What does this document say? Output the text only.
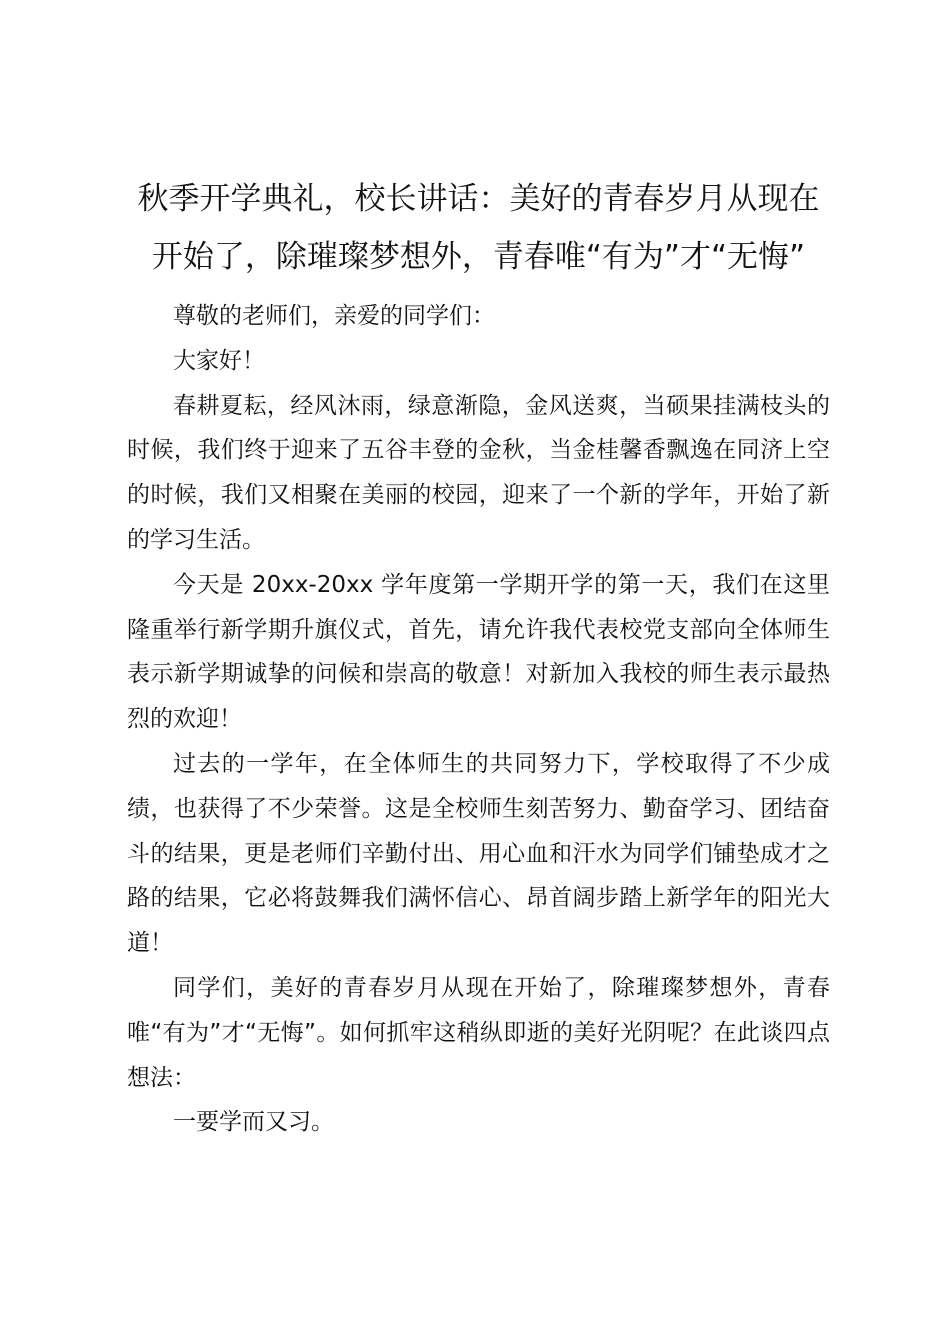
秋季开学典礼，校长讲话：美好的青春岁月从现在开始了，除璀璨梦想外，青春唯“有为”才“无悔”

尊敬的老师们，亲爱的同学们：

大家好！

春耕夏耘，经风沐雨，绿意渐隐，金风送爽，当硕果挂满枝头的时候，我们终于迎来了五谷丰登的金秋，当金桂馨香飘逸在同济上空的时候，我们又相聚在美丽的校园，迎来了一个新的学年，开始了新的学习生活。

今天是 20xx-20xx 学年度第一学期开学的第一天，我们在这里隆重举行新学期升旗仪式，首先，请允许我代表校党支部向全体师生表示新学期诚挚的问候和崇高的敬意！对新加入我校的师生表示最热烈的欢迎！

过去的一学年，在全体师生的共同努力下，学校取得了不少成绩，也获得了不少荣誉。这是全校师生刻苦努力、勤奋学习、团结奋斗的结果，更是老师们辛勤付出、用心血和汗水为同学们铺垫成才之路的结果，它必将鼓舞我们满怀信心、昂首阔步踏上新学年的阳光大道！

同学们，美好的青春岁月从现在开始了，除璀璨梦想外，青春唯“有为”才“无悔”。如何抓牢这稍纵即逝的美好光阴呢？在此谈四点想法：

一要学而又习。
